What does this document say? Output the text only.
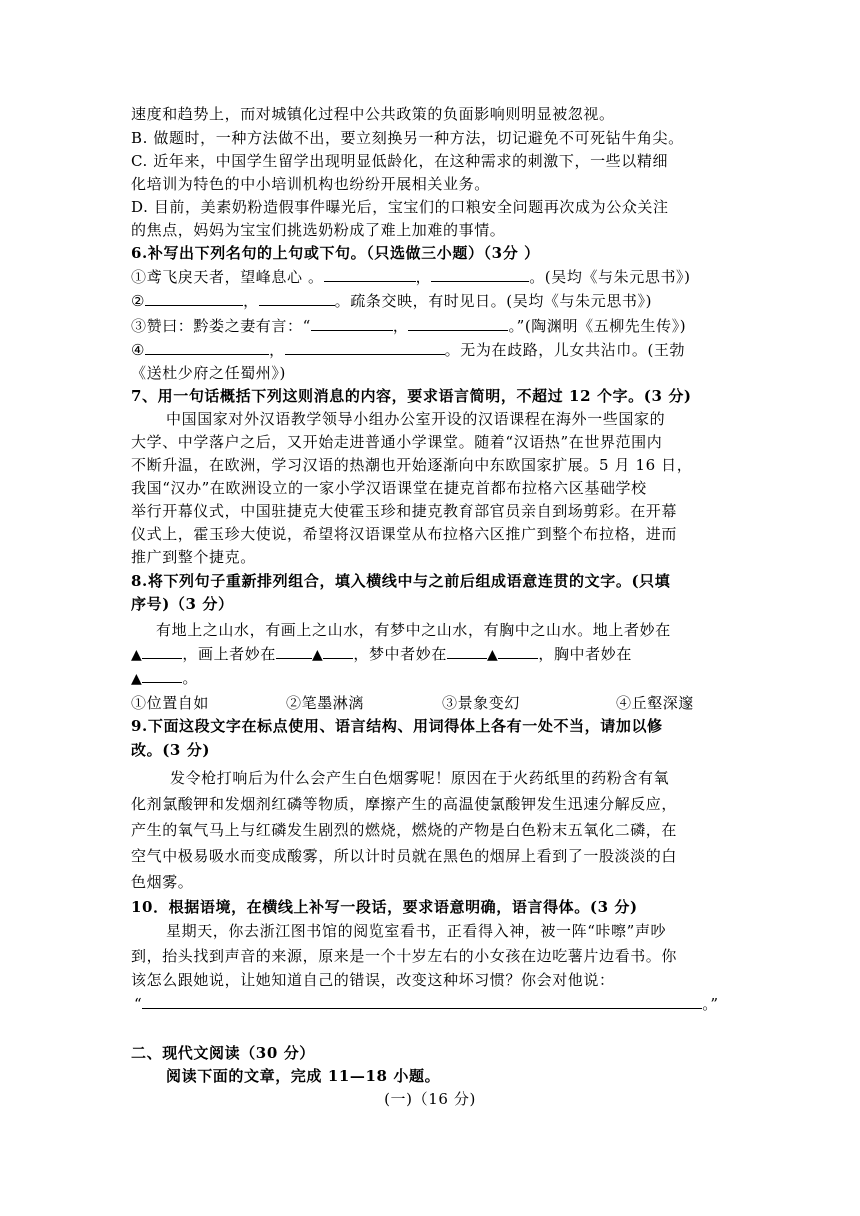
速度和趋势上，而对城镇化过程中公共政策的负面影响则明显被忽视。
B. 做题时，一种方法做不出，要立刻换另一种方法，切记避免不可死钻牛角尖。
C. 近年来，中国学生留学出现明显低龄化，在这种需求的刺激下，一些以精细
化培训为特色的中小培训机构也纷纷开展相关业务。
D. 目前，美素奶粉造假事件曝光后，宝宝们的口粮安全问题再次成为公众关注
的焦点，妈妈为宝宝们挑选奶粉成了难上加难的事情。
6.补写出下列名句的上句或下句。（只选做三小题）（3分 ）
①鸢飞戾天者，望峰息心 。	，	。(吴均《与朱元思书》)
②	，	。疏条交映，有时见日。(吴均《与朱元思书》)
③赞曰：黔娄之妻有言：“	，	。”(陶渊明《五柳先生传》)
④	，	。无为在歧路，儿女共沾巾。(王勃
《送杜少府之任蜀州》)
7、用一句话概括下列这则消息的内容，要求语言简明，不超过 12 个字。(3 分)
中国国家对外汉语教学领导小组办公室开设的汉语课程在海外一些国家的
大学、中学落户之后，又开始走进普通小学课堂。随着“汉语热”在世界范围内
不断升温，在欧洲，学习汉语的热潮也开始逐渐向中东欧国家扩展。5 月 16 日，
我国“汉办”在欧洲设立的一家小学汉语课堂在捷克首都布拉格六区基础学校
举行开幕仪式，中国驻捷克大使霍玉珍和捷克教育部官员亲自到场剪彩。在开幕
仪式上，霍玉珍大使说，希望将汉语课堂从布拉格六区推广到整个布拉格，进而
推广到整个捷克。
8.将下列句子重新排列组合，填入横线中与之前后组成语意连贯的文字。(只填
序号)（3 分）
有地上之山水，有画上之山水，有梦中之山水，有胸中之山水。地上者妙在
▲	，画上者妙在	▲ ，梦中者妙在	▲	，胸中者妙在
▲	。
①位置自如	②笔墨淋漓	③景象变幻	④丘壑深邃
9.下面这段文字在标点使用、语言结构、用词得体上各有一处不当，请加以修
改。(3 分)
发令枪打响后为什么会产生白色烟雾呢！原因在于火药纸里的药粉含有氧
化剂氯酸钾和发烟剂红磷等物质，摩擦产生的高温使氯酸钾发生迅速分解反应，
产生的氧气马上与红磷发生剧烈的燃烧，燃烧的产物是白色粉末五氧化二磷，在
空气中极易吸水而变成酸雾，所以计时员就在黑色的烟屏上看到了一股淡淡的白
色烟雾。
10．根据语境，在横线上补写一段话，要求语意明确，语言得体。(3 分)
星期天，你去浙江图书馆的阅览室看书，正看得入神，被一阵“咔嚓”声吵
到，抬头找到声音的来源，原来是一个十岁左右的小女孩在边吃薯片边看书。你
该怎么跟她说，让她知道自己的错误，改变这种坏习惯？你会对他说：
“	。”
二、现代文阅读（30 分）
阅读下面的文章，完成 11—18 小题。
(一)（16 分)
